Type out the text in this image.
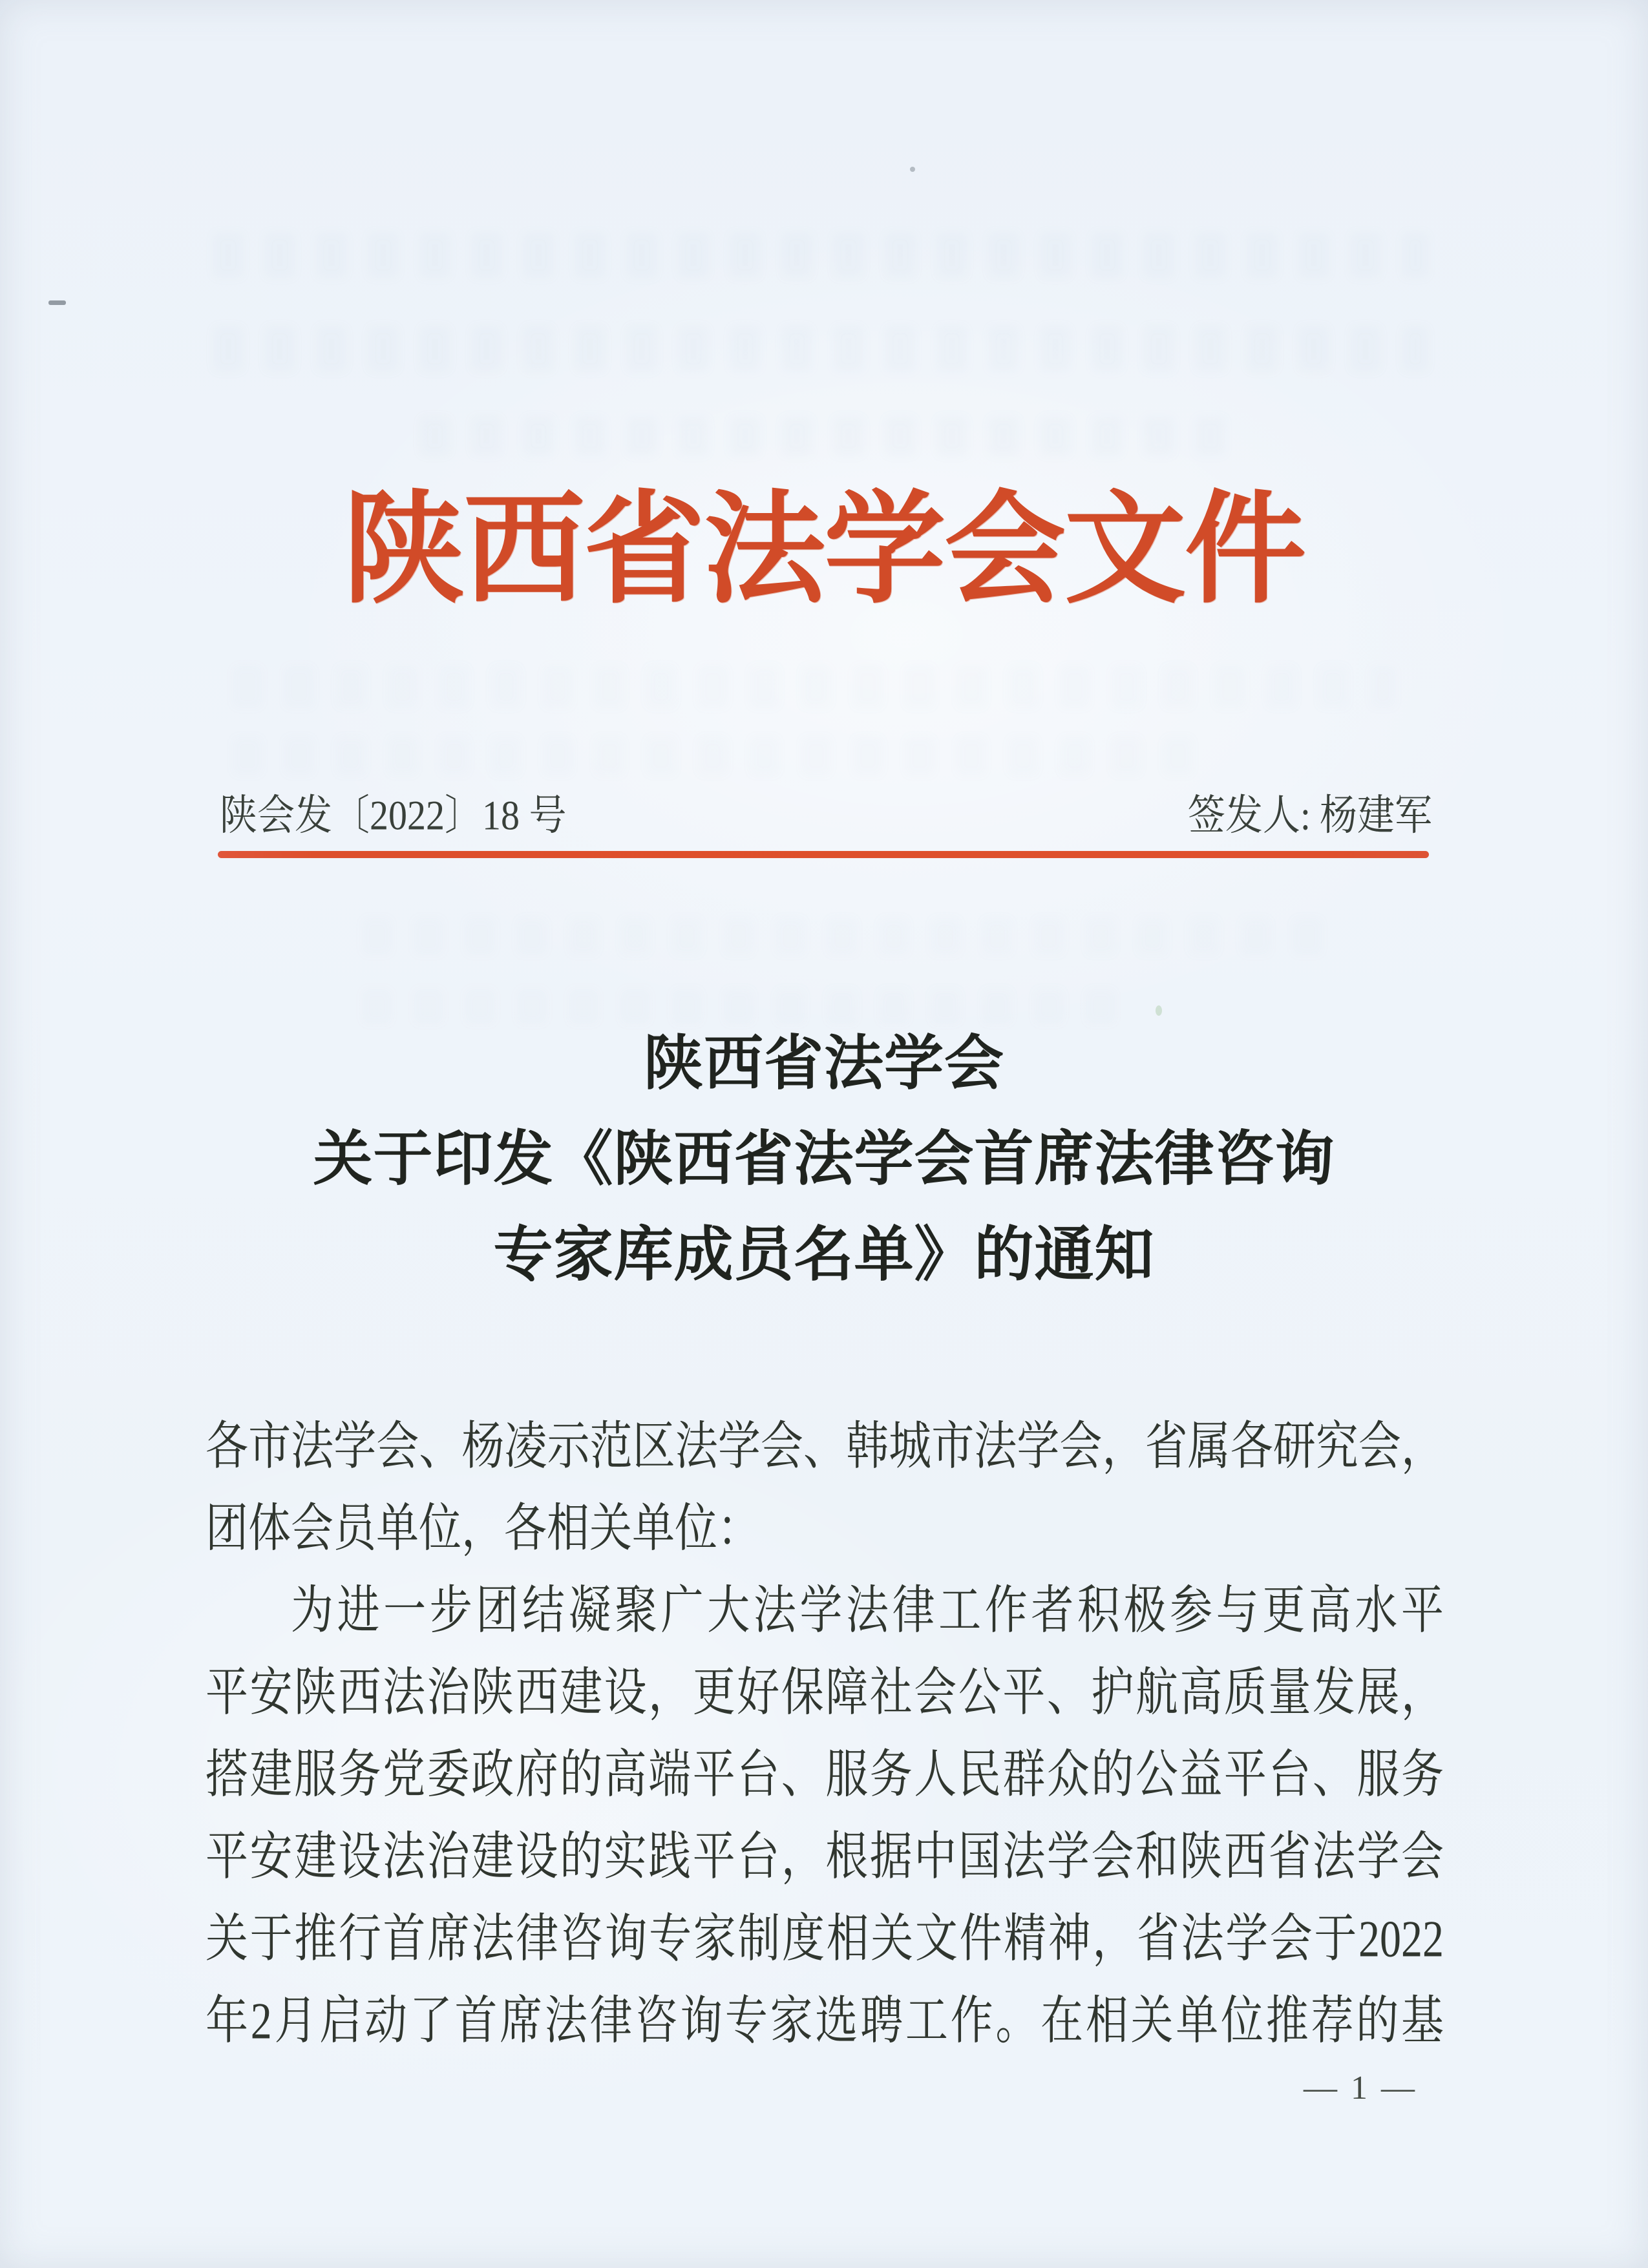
陕西省法学会文件
陕会发〔2022〕18 号	签发人: 杨建军
陕西省法学会
关于印发《陕西省法学会首席法律咨询
专家库成员名单》的通知
各市法学会、杨凌示范区法学会、韩城市法学会，省属各研究会，
团体会员单位，各相关单位：
为进一步团结凝聚广大法学法律工作者积极参与更高水平
平安陕西法治陕西建设，更好保障社会公平、护航高质量发展，
搭建服务党委政府的高端平台、服务人民群众的公益平台、服务
平安建设法治建设的实践平台，根据中国法学会和陕西省法学会
关于推行首席法律咨询专家制度相关文件精神，省法学会于2022
年2月启动了首席法律咨询专家选聘工作。在相关单位推荐的基
— 1 —
